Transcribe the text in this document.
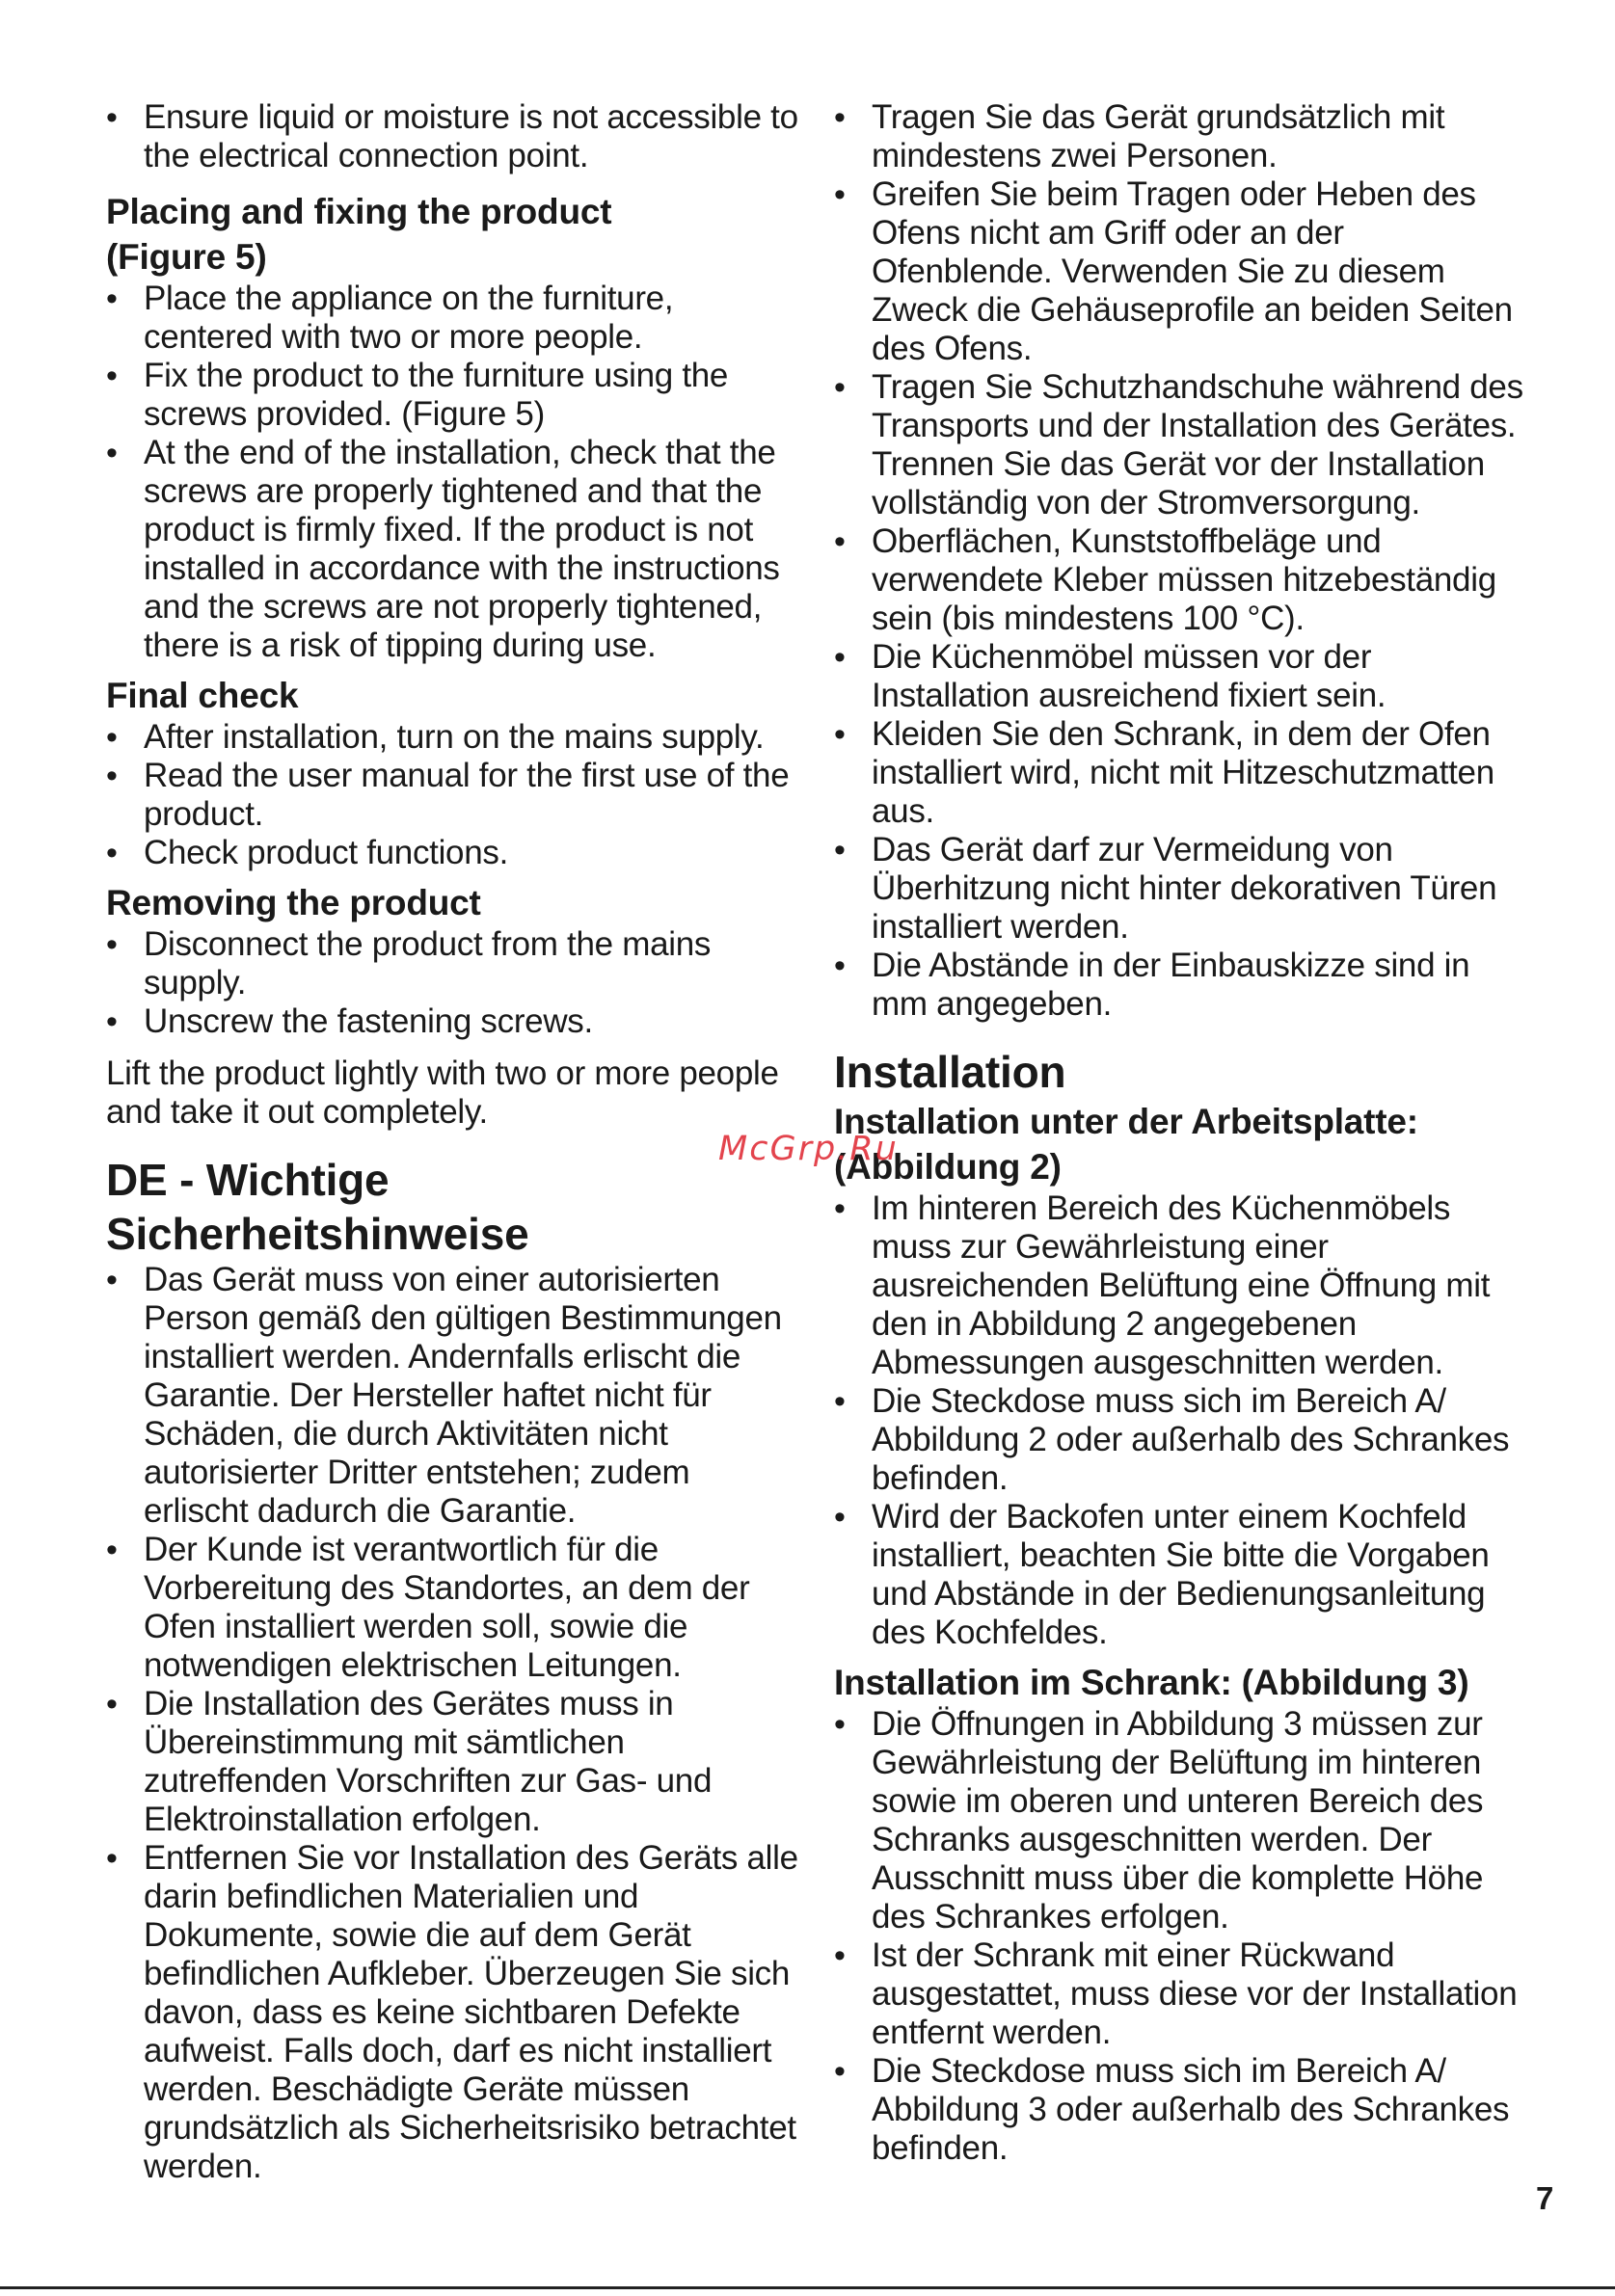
• Ensure liquid or moisture is not accessible to the electrical connection point.
Placing and fixing the product (Figure 5)
• Place the appliance on the furniture, centered with two or more people.
• Fix the product to the furniture using the screws provided. (Figure 5)
• At the end of the installation, check that the screws are properly tightened and that the product is firmly fixed. If the product is not installed in accordance with the instructions and the screws are not properly tightened, there is a risk of tipping during use.
Final check
• After installation, turn on the mains supply.
• Read the user manual for the first use of the product.
• Check product functions.
Removing the product
• Disconnect the product from the mains supply.
• Unscrew the fastening screws.
Lift the product lightly with two or more people and take it out completely.
DE - Wichtige Sicherheitshinweise
• Das Gerät muss von einer autorisierten Person gemäß den gültigen Bestimmungen installiert werden. Andernfalls erlischt die Garantie. Der Hersteller haftet nicht für Schäden, die durch Aktivitäten nicht autorisierter Dritter entstehen; zudem erlischt dadurch die Garantie.
• Der Kunde ist verantwortlich für die Vorbereitung des Standortes, an dem der Ofen installiert werden soll, sowie die notwendigen elektrischen Leitungen.
• Die Installation des Gerätes muss in Übereinstimmung mit sämtlichen zutreffenden Vorschriften zur Gas- und Elektroinstallation erfolgen.
• Entfernen Sie vor Installation des Geräts alle darin befindlichen Materialien und Dokumente, sowie die auf dem Gerät befindlichen Aufkleber. Überzeugen Sie sich davon, dass es keine sichtbaren Defekte aufweist. Falls doch, darf es nicht installiert werden. Beschädigte Geräte müssen grundsätzlich als Sicherheitsrisiko betrachtet werden.
• Tragen Sie das Gerät grundsätzlich mit mindestens zwei Personen.
• Greifen Sie beim Tragen oder Heben des Ofens nicht am Griff oder an der Ofenblende. Verwenden Sie zu diesem Zweck die Gehäuseprofile an beiden Seiten des Ofens.
• Tragen Sie Schutzhandschuhe während des Transports und der Installation des Gerätes. Trennen Sie das Gerät vor der Installation vollständig von der Stromversorgung.
• Oberflächen, Kunststoffbeläge und verwendete Kleber müssen hitzebeständig sein (bis mindestens 100 °C).
• Die Küchenmöbel müssen vor der Installation ausreichend fixiert sein.
• Kleiden Sie den Schrank, in dem der Ofen installiert wird, nicht mit Hitzeschutzmatten aus.
• Das Gerät darf zur Vermeidung von Überhitzung nicht hinter dekorativen Türen installiert werden.
• Die Abstände in der Einbauskizze sind in mm angegeben.
Installation
Installation unter der Arbeitsplatte: (Abbildung 2)
• Im hinteren Bereich des Küchenmöbels muss zur Gewährleistung einer ausreichenden Belüftung eine Öffnung mit den in Abbildung 2 angegebenen Abmessungen ausgeschnitten werden.
• Die Steckdose muss sich im Bereich A/ Abbildung 2 oder außerhalb des Schrankes befinden.
• Wird der Backofen unter einem Kochfeld installiert, beachten Sie bitte die Vorgaben und Abstände in der Bedienungsanleitung des Kochfeldes.
Installation im Schrank: (Abbildung 3)
• Die Öffnungen in Abbildung 3 müssen zur Gewährleistung der Belüftung im hinteren sowie im oberen und unteren Bereich des Schranks ausgeschnitten werden. Der Ausschnitt muss über die komplette Höhe des Schrankes erfolgen.
• Ist der Schrank mit einer Rückwand ausgestattet, muss diese vor der Installation entfernt werden.
• Die Steckdose muss sich im Bereich A/ Abbildung 3 oder außerhalb des Schrankes befinden.
McGrp.Ru
7
